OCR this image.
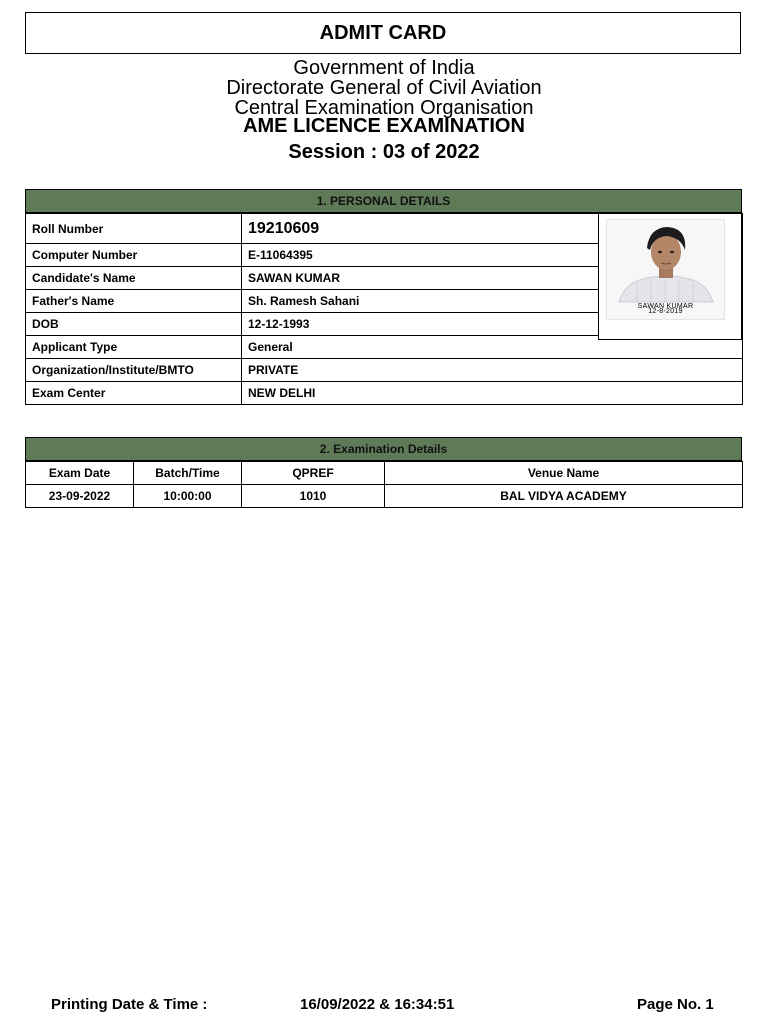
ADMIT CARD
Government of India
Directorate General of Civil Aviation
Central Examination Organisation
AME LICENCE EXAMINATION
Session : 03 of 2022
1. PERSONAL DETAILS
Roll Number	19210609
Computer Number	E-11064395
Candidate's Name	SAWAN KUMAR
Father's Name	Sh. Ramesh Sahani
DOB	12-12-1993
Applicant Type	General
Organization/Institute/BMTO	PRIVATE
Exam Center	NEW DELHI
SAWAN KUMAR
12-8-2019
2. Examination Details
Exam Date	Batch/Time	QPREF	Venue Name
23-09-2022	10:00:00	1010	BAL VIDYA ACADEMY
Printing Date & Time :	16/09/2022 & 16:34:51	Page No. 1
